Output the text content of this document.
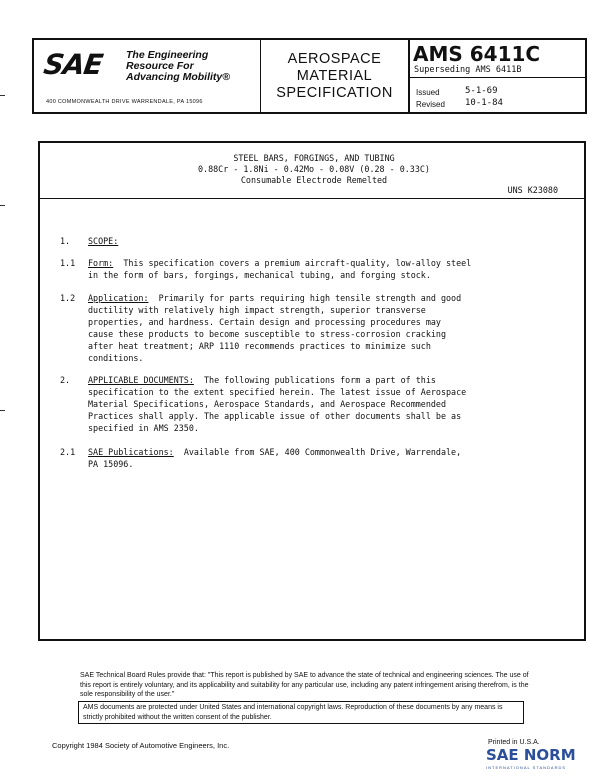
SAE The Engineering
Resource For
Advancing Mobility®
400 COMMONWEALTH DRIVE WARRENDALE, PA 15096
AEROSPACE
MATERIAL
SPECIFICATION
AMS 6411C
Superseding AMS 6411B
Issued	5-1-69
Revised 10-1-84
STEEL BARS, FORGINGS, AND TUBING
0.88Cr - 1.8Ni - 0.42Mo - 0.08V (0.28 - 0.33C)
Consumable Electrode Remelted
UNS K23080
1. SCOPE:
1.1 Form: This specification covers a premium aircraft-quality, low-alloy steel
in the form of bars, forgings, mechanical tubing, and forging stock.
1.2 Application: Primarily for parts requiring high tensile strength and good
ductility with relatively high impact strength, superior transverse
properties, and hardness. Certain design and processing procedures may
cause these products to become susceptible to stress-corrosion cracking
after heat treatment; ARP 1110 recommends practices to minimize such
conditions.
2. APPLICABLE DOCUMENTS: The following publications form a part of this
specification to the extent specified herein. The latest issue of Aerospace
Material Specifications, Aerospace Standards, and Aerospace Recommended
Practices shall apply. The applicable issue of other documents shall be as
specified in AMS 2350.
2.1 SAE Publications: Available from SAE, 400 Commonwealth Drive, Warrendale,
PA 15096.
SAE Technical Board Rules provide that: "This report is published by SAE to advance the state of technical and engineering sciences. The use of this report is entirely voluntary, and its applicability and suitability for any particular use, including any patent infringement arising therefrom, is the sole responsibility of the user."
AMS documents are protected under United States and international copyright laws. Reproduction of these documents by any means is strictly prohibited without the written consent of the publisher.
Copyright 1984 Society of Automotive Engineers, Inc.	Printed in U.S.A.
SAE NORM
INTERNATIONAL STANDARDS
